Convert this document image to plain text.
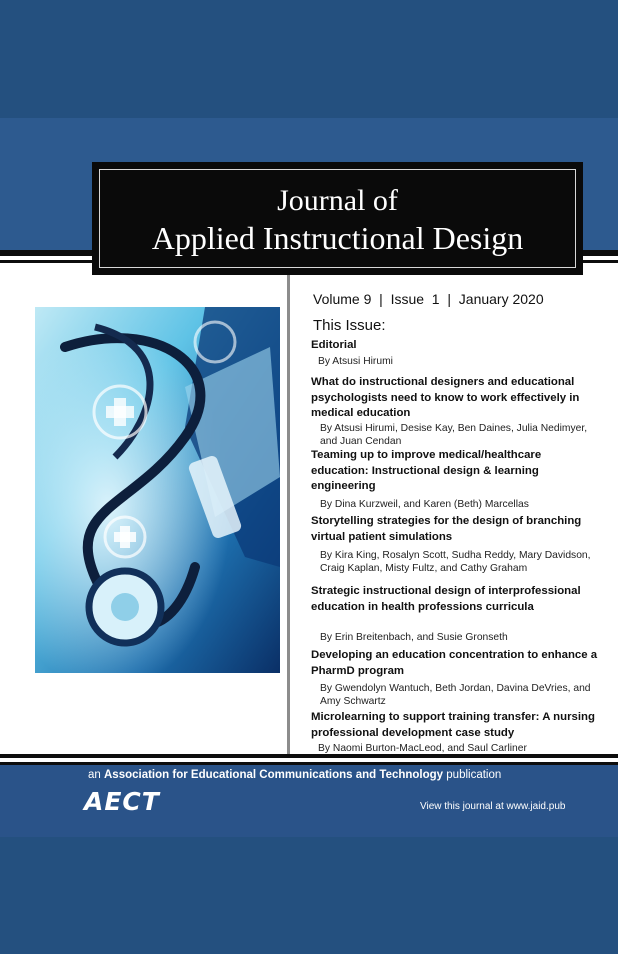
Journal of
Applied Instructional Design
Volume 9  |  Issue  1  |  January 2020
This Issue:
Editorial
By Atsusi Hirumi
What do instructional designers and educational psychologists need to know to work effectively in medical education
By Atsusi Hirumi, Desise Kay, Ben Daines, Julia Nedimyer, and Juan Cendan
Teaming up to improve medical/healthcare education: Instructional design & learning engineering
By Dina Kurzweil, and Karen (Beth) Marcellas
Storytelling strategies for the design of branching virtual patient simulations
By Kira King, Rosalyn Scott, Sudha Reddy, Mary Davidson, Craig Kaplan, Misty Fultz, and Cathy Graham
Strategic instructional design of interprofessional education in health professions curricula
By Erin Breitenbach, and Susie Gronseth
Developing an education concentration to enhance a PharmD program
By Gwendolyn Wantuch, Beth Jordan, Davina DeVries, and Amy Schwartz
Microlearning to support training transfer: A nursing professional development case study
By Naomi Burton-MacLeod, and Saul Carliner
an Association for Educational Communications and Technology publication
AECT	View this journal at www.jaid.pub
